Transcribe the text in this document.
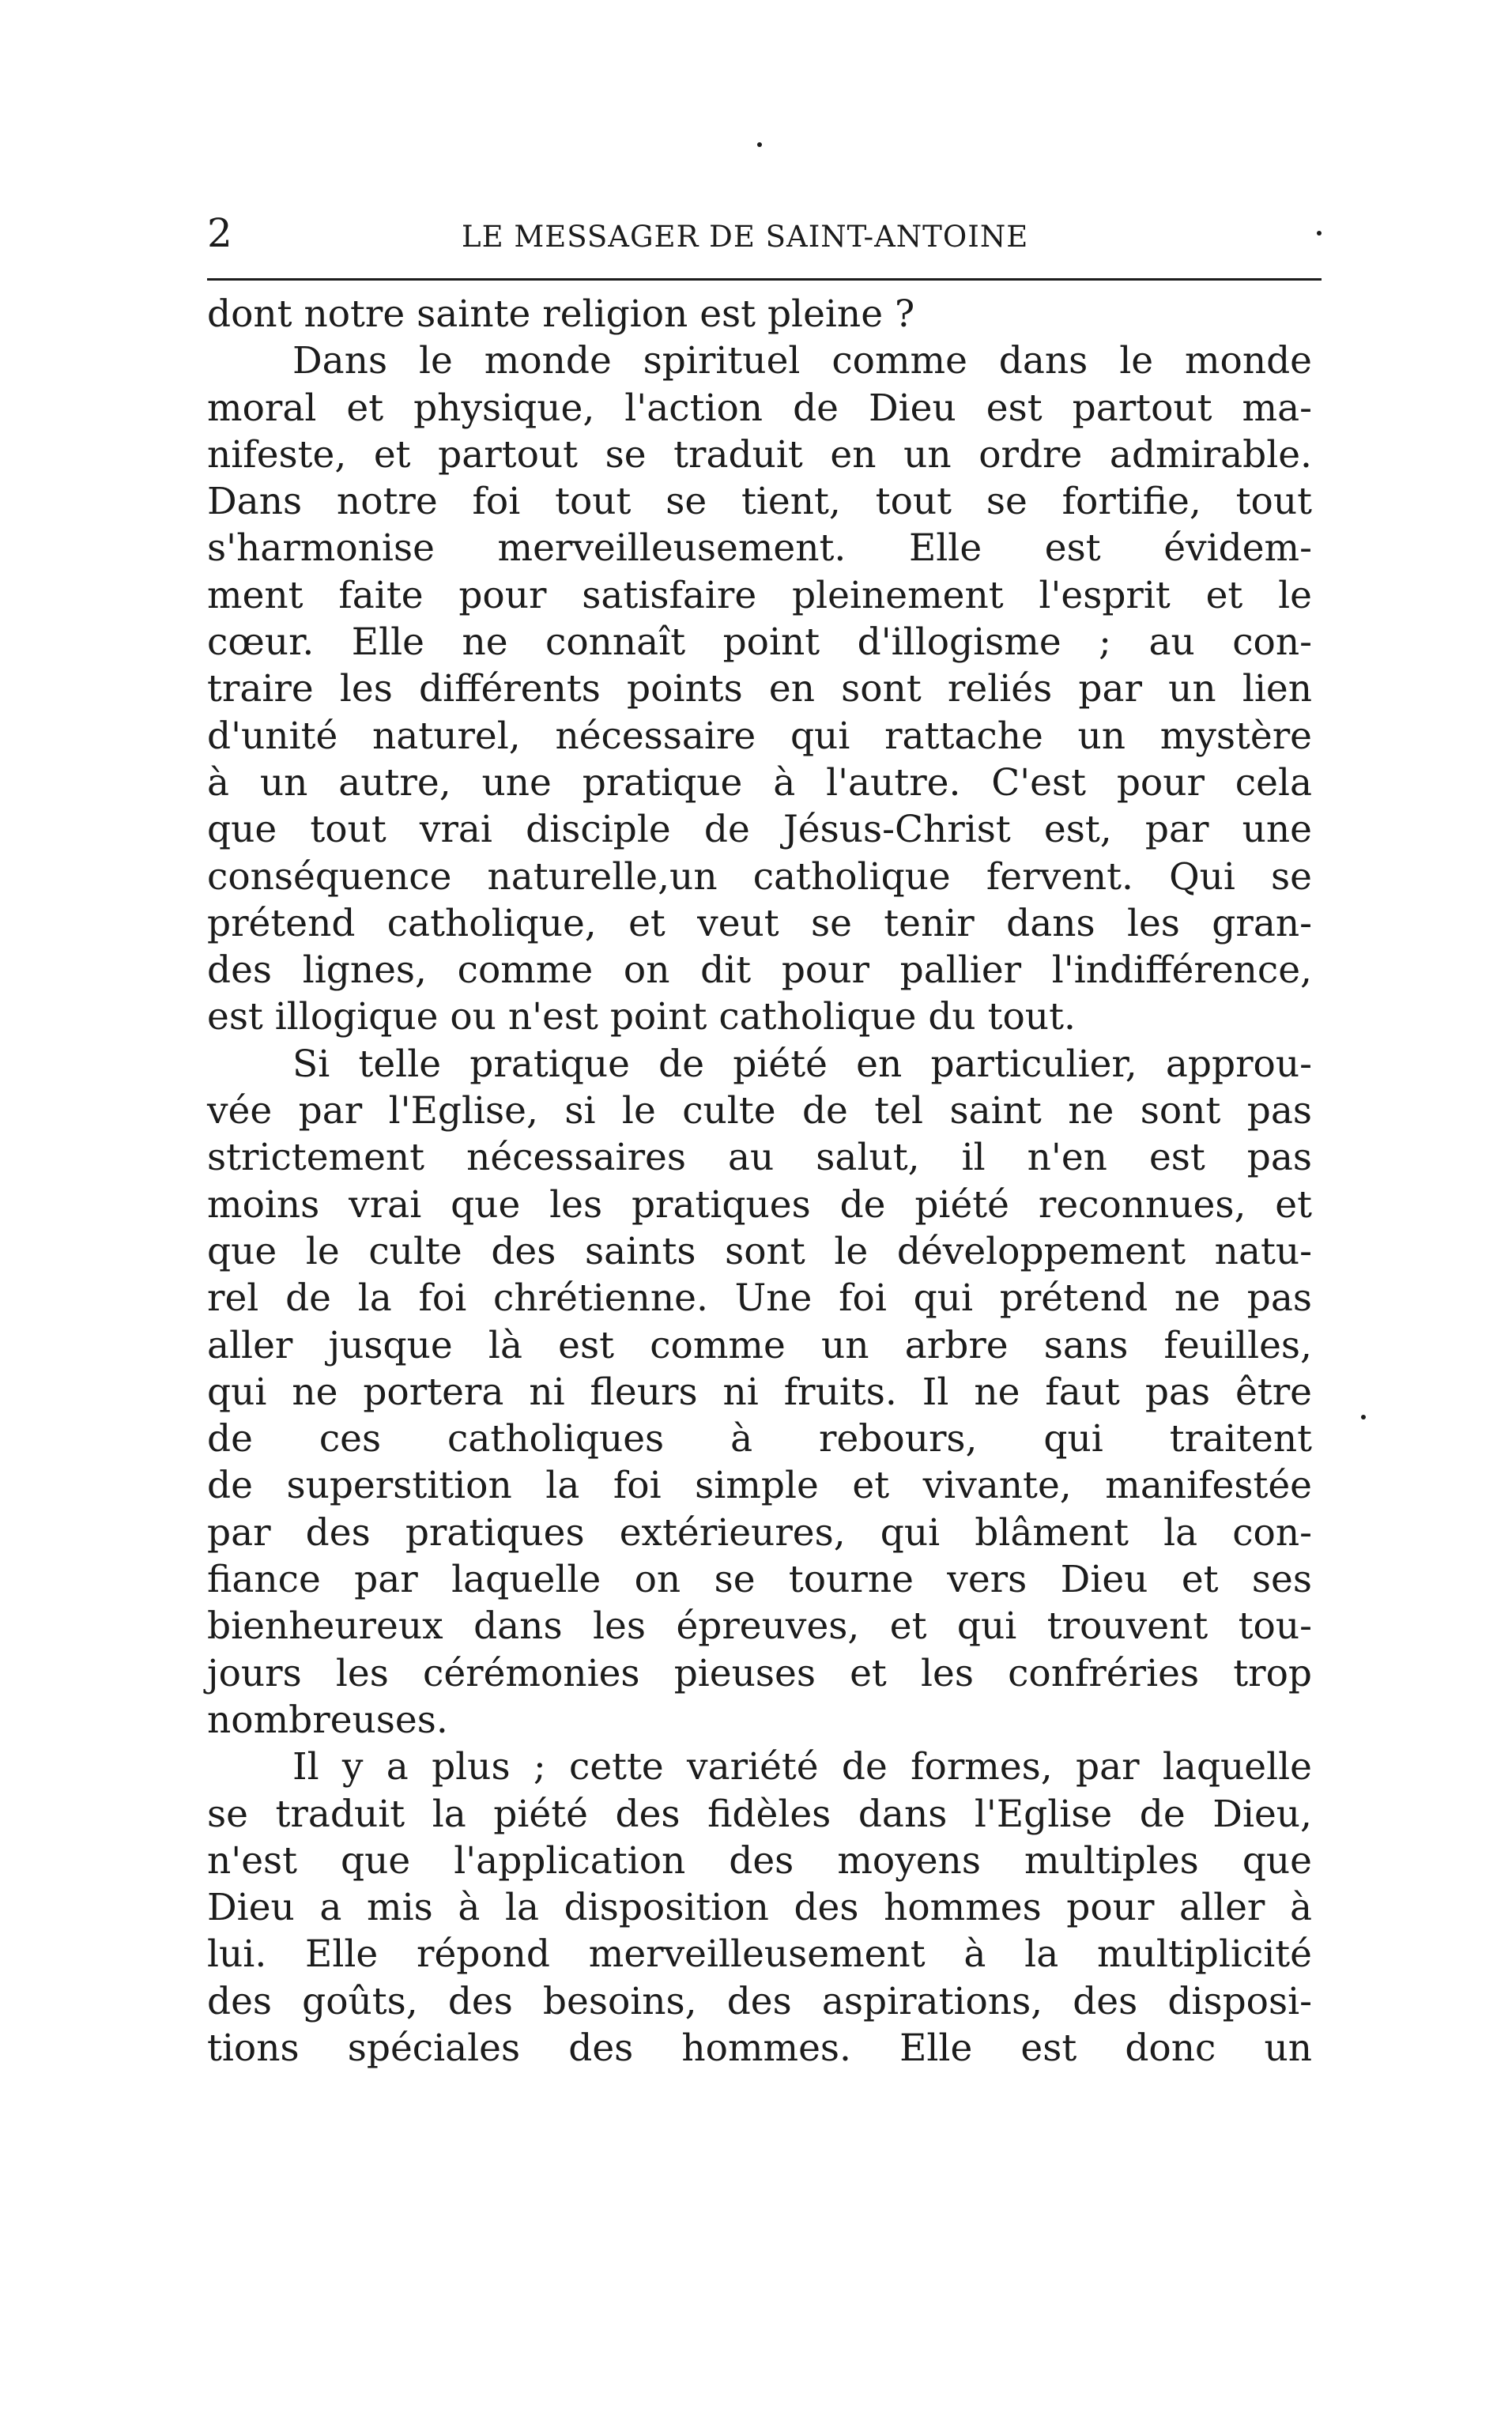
2	LE MESSAGER DE SAINT-ANTOINE
dont notre sainte religion est pleine ?
Dans le monde spirituel comme dans le monde
moral et physique, l'action de Dieu est partout ma-
nifeste, et partout se traduit en un ordre admirable.
Dans notre foi tout se tient, tout se fortifie, tout
s'harmonise merveilleusement. Elle est évidem-
ment faite pour satisfaire pleinement l'esprit et le
cœur. Elle ne connaît point d'illogisme ; au con-
traire les différents points en sont reliés par un lien
d'unité naturel, nécessaire qui rattache un mystère
à un autre, une pratique à l'autre. C'est pour cela
que tout vrai disciple de Jésus-Christ est, par une
conséquence naturelle,un catholique fervent. Qui se
prétend catholique, et veut se tenir dans les gran-
des lignes, comme on dit pour pallier l'indifférence,
est illogique ou n'est point catholique du tout.
Si telle pratique de piété en particulier, approu-
vée par l'Eglise, si le culte de tel saint ne sont pas
strictement nécessaires au salut, il n'en est pas
moins vrai que les pratiques de piété reconnues, et
que le culte des saints sont le développement natu-
rel de la foi chrétienne. Une foi qui prétend ne pas
aller jusque là est comme un arbre sans feuilles,
qui ne portera ni fleurs ni fruits. Il ne faut pas être
de ces catholiques à rebours, qui traitent
de superstition la foi simple et vivante, manifestée
par des pratiques extérieures, qui blâment la con-
fiance par laquelle on se tourne vers Dieu et ses
bienheureux dans les épreuves, et qui trouvent tou-
jours les cérémonies pieuses et les confréries trop
nombreuses.
Il y a plus ; cette variété de formes, par laquelle
se traduit la piété des fidèles dans l'Eglise de Dieu,
n'est que l'application des moyens multiples que
Dieu a mis à la disposition des hommes pour aller à
lui. Elle répond merveilleusement à la multiplicité
des goûts, des besoins, des aspirations, des disposi-
tions spéciales des hommes. Elle est donc un
